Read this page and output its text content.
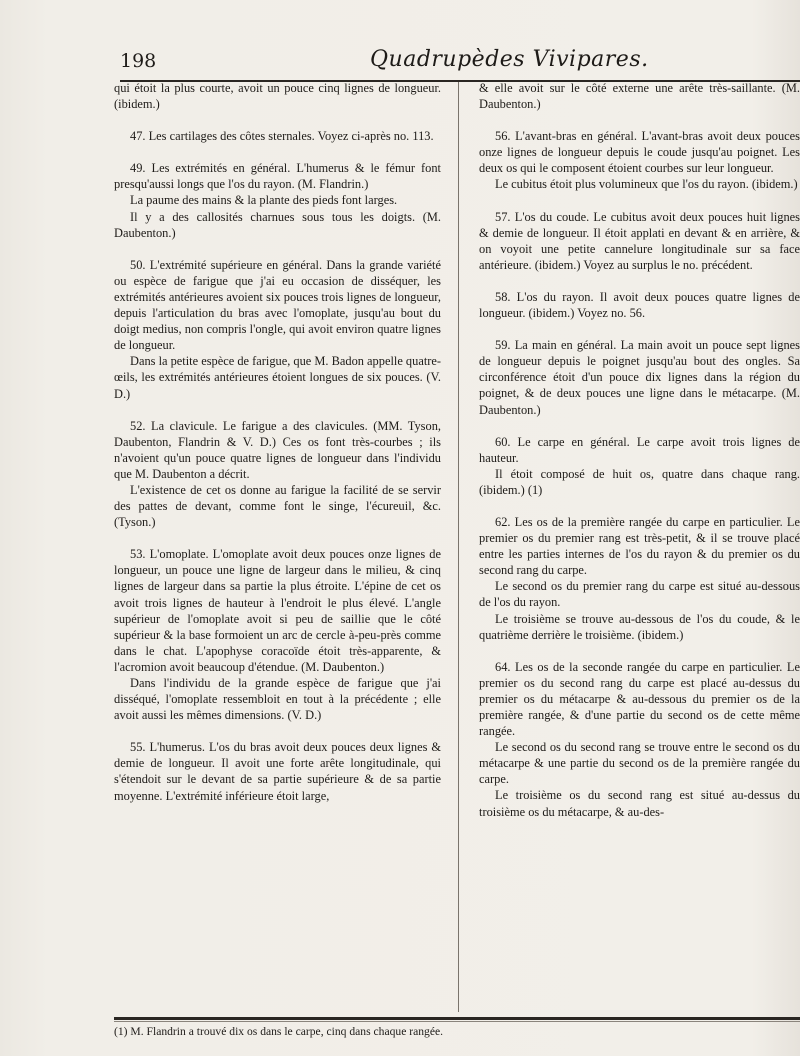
198	Quadrupèdes Vivipares.

qui étoit la plus courte, avoit un pouce cinq lignes de longueur. (ibidem.)

47. Les cartilages des côtes sternales. Voyez ci-après no. 113.

49. Les extrémités en général. L'humerus & le fémur font presqu'aussi longs que l'os du rayon. (M. Flandrin.)

La paume des mains & la plante des pieds font larges.

Il y a des callosités charnues sous tous les doigts. (M. Daubenton.)

50. L'extrémité supérieure en général. Dans la grande variété ou espèce de farigue que j'ai eu occasion de disséquer, les extrémités antérieures avoient six pouces trois lignes de longueur, depuis l'articulation du bras avec l'omoplate, jusqu'au bout du doigt medius, non compris l'ongle, qui avoit environ quatre lignes de longueur.

Dans la petite espèce de farigue, que M. Badon appelle quatre-œils, les extrémités antérieures étoient longues de six pouces. (V. D.)

52. La clavicule. Le farigue a des clavicules. (MM. Tyson, Daubenton, Flandrin & V. D.) Ces os font très-courbes ; ils n'avoient qu'un pouce quatre lignes de longueur dans l'individu que M. Daubenton a décrit.

L'existence de cet os donne au farigue la facilité de se servir des pattes de devant, comme font le singe, l'écureuil, &c. (Tyson.)

53. L'omoplate. L'omoplate avoit deux pouces onze lignes de longueur, un pouce une ligne de largeur dans le milieu, & cinq lignes de largeur dans sa partie la plus étroite. L'épine de cet os avoit trois lignes de hauteur à l'endroit le plus élevé. L'angle supérieur de l'omoplate avoit si peu de saillie que le côté supérieur & la base formoient un arc de cercle à-peu-près comme dans le chat. L'apophyse coracoïde étoit très-apparente, & l'acromion avoit beaucoup d'étendue. (M. Daubenton.)

Dans l'individu de la grande espèce de farigue que j'ai disséqué, l'omoplate ressembloit en tout à la précédente ; elle avoit aussi les mêmes dimensions. (V. D.)

55. L'humerus. L'os du bras avoit deux pouces deux lignes & demie de longueur. Il avoit une forte arête longitudinale, qui s'étendoit sur le devant de sa partie supérieure & de sa partie moyenne. L'extrémité inférieure étoit large,

& elle avoit sur le côté externe une arête très-saillante. (M. Daubenton.)

56. L'avant-bras en général. L'avant-bras avoit deux pouces onze lignes de longueur depuis le coude jusqu'au poignet. Les deux os qui le composent étoient courbes sur leur longueur.

Le cubitus étoit plus volumineux que l'os du rayon. (ibidem.)

57. L'os du coude. Le cubitus avoit deux pouces huit lignes & demie de longueur. Il étoit applati en devant & en arrière, & on voyoit une petite cannelure longitudinale sur sa face antérieure. (ibidem.) Voyez au surplus le no. précédent.

58. L'os du rayon. Il avoit deux pouces quatre lignes de longueur. (ibidem.) Voyez no. 56.

59. La main en général. La main avoit un pouce sept lignes de longueur depuis le poignet jusqu'au bout des ongles. Sa circonférence étoit d'un pouce dix lignes dans la région du poignet, & de deux pouces une ligne dans le métacarpe. (M. Daubenton.)

60. Le carpe en général. Le carpe avoit trois lignes de hauteur.

Il étoit composé de huit os, quatre dans chaque rang. (ibidem.) (1)

62. Les os de la première rangée du carpe en particulier. Le premier os du premier rang est très-petit, & il se trouve placé entre les parties internes de l'os du rayon & du premier os du second rang du carpe.

Le second os du premier rang du carpe est situé au-dessous de l'os du rayon.

Le troisième se trouve au-dessous de l'os du coude, & le quatrième derrière le troisième. (ibidem.)

64. Les os de la seconde rangée du carpe en particulier. Le premier os du second rang du carpe est placé au-dessus du premier os du métacarpe & au-dessous du premier os de la première rangée, & d'une partie du second os de cette même rangée.

Le second os du second rang se trouve entre le second os du métacarpe & une partie du second os de la première rangée du carpe.

Le troisième os du second rang est situé au-dessus du troisième os du métacarpe, & au-des-

(1) M. Flandrin a trouvé dix os dans le carpe, cinq dans chaque rangée.
